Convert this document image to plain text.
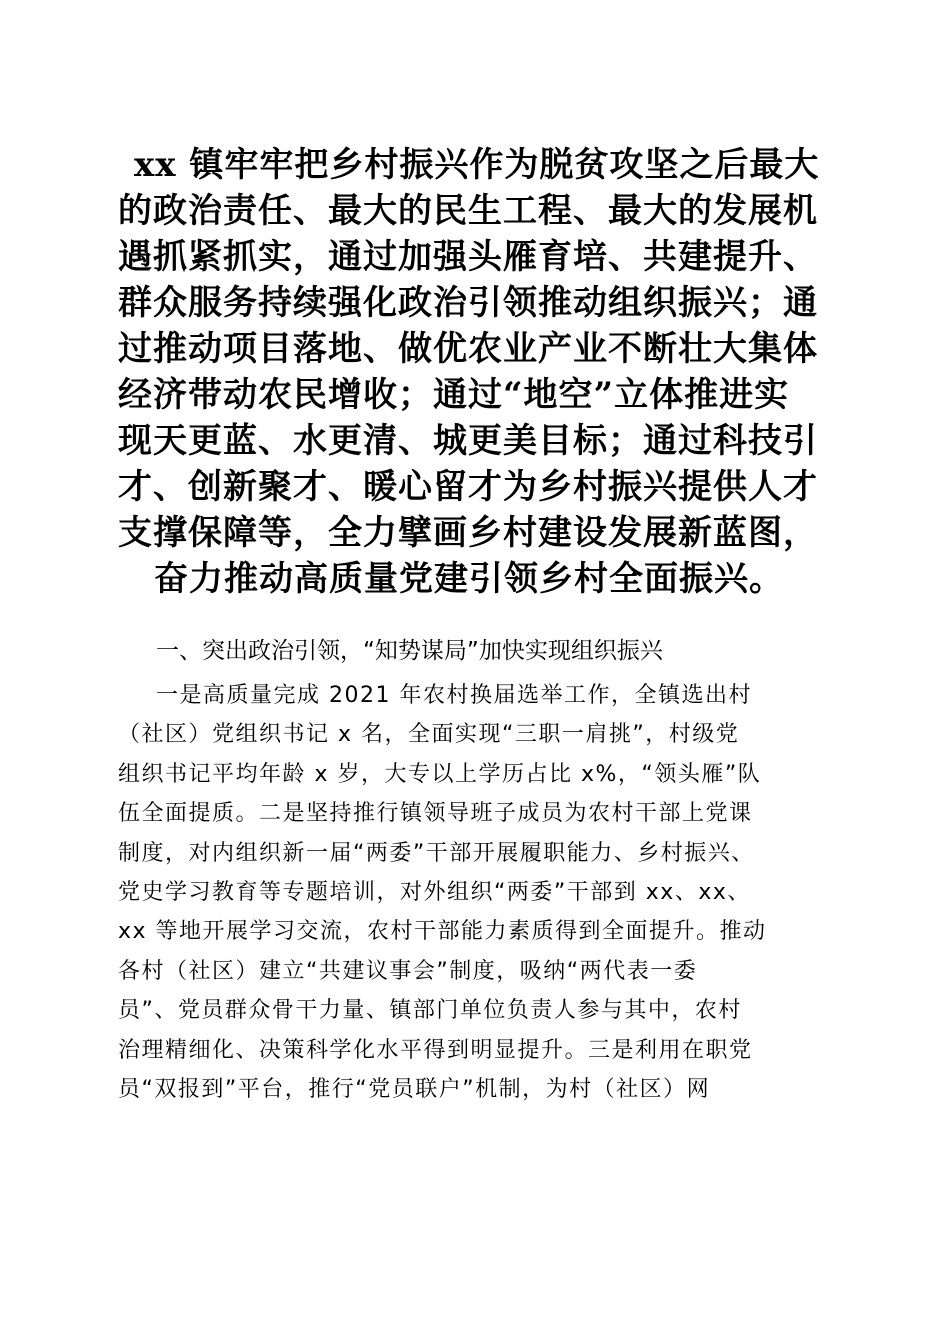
xx 镇牢牢把乡村振兴作为脱贫攻坚之后最大
的政治责任、最大的民生工程、最大的发展机
遇抓紧抓实，通过加强头雁育培、共建提升、
群众服务持续强化政治引领推动组织振兴；通
过推动项目落地、做优农业产业不断壮大集体
经济带动农民增收；通过“地空”立体推进实
现天更蓝、水更清、城更美目标；通过科技引
才、创新聚才、暖心留才为乡村振兴提供人才
支撑保障等，全力擘画乡村建设发展新蓝图，
奋力推动高质量党建引领乡村全面振兴。
一、突出政治引领，“知势谋局”加快实现组织振兴
一是高质量完成 2021 年农村换届选举工作，全镇选出村
（社区）党组织书记 x 名，全面实现“三职一肩挑”，村级党
组织书记平均年龄 x 岁，大专以上学历占比 x%，“领头雁”队
伍全面提质。二是坚持推行镇领导班子成员为农村干部上党课
制度，对内组织新一届“两委”干部开展履职能力、乡村振兴、
党史学习教育等专题培训，对外组织“两委”干部到 xx、xx、
xx 等地开展学习交流，农村干部能力素质得到全面提升。推动
各村（社区）建立“共建议事会”制度，吸纳“两代表一委
员”、党员群众骨干力量、镇部门单位负责人参与其中，农村
治理精细化、决策科学化水平得到明显提升。三是利用在职党
员“双报到”平台，推行“党员联户”机制，为村（社区）网
